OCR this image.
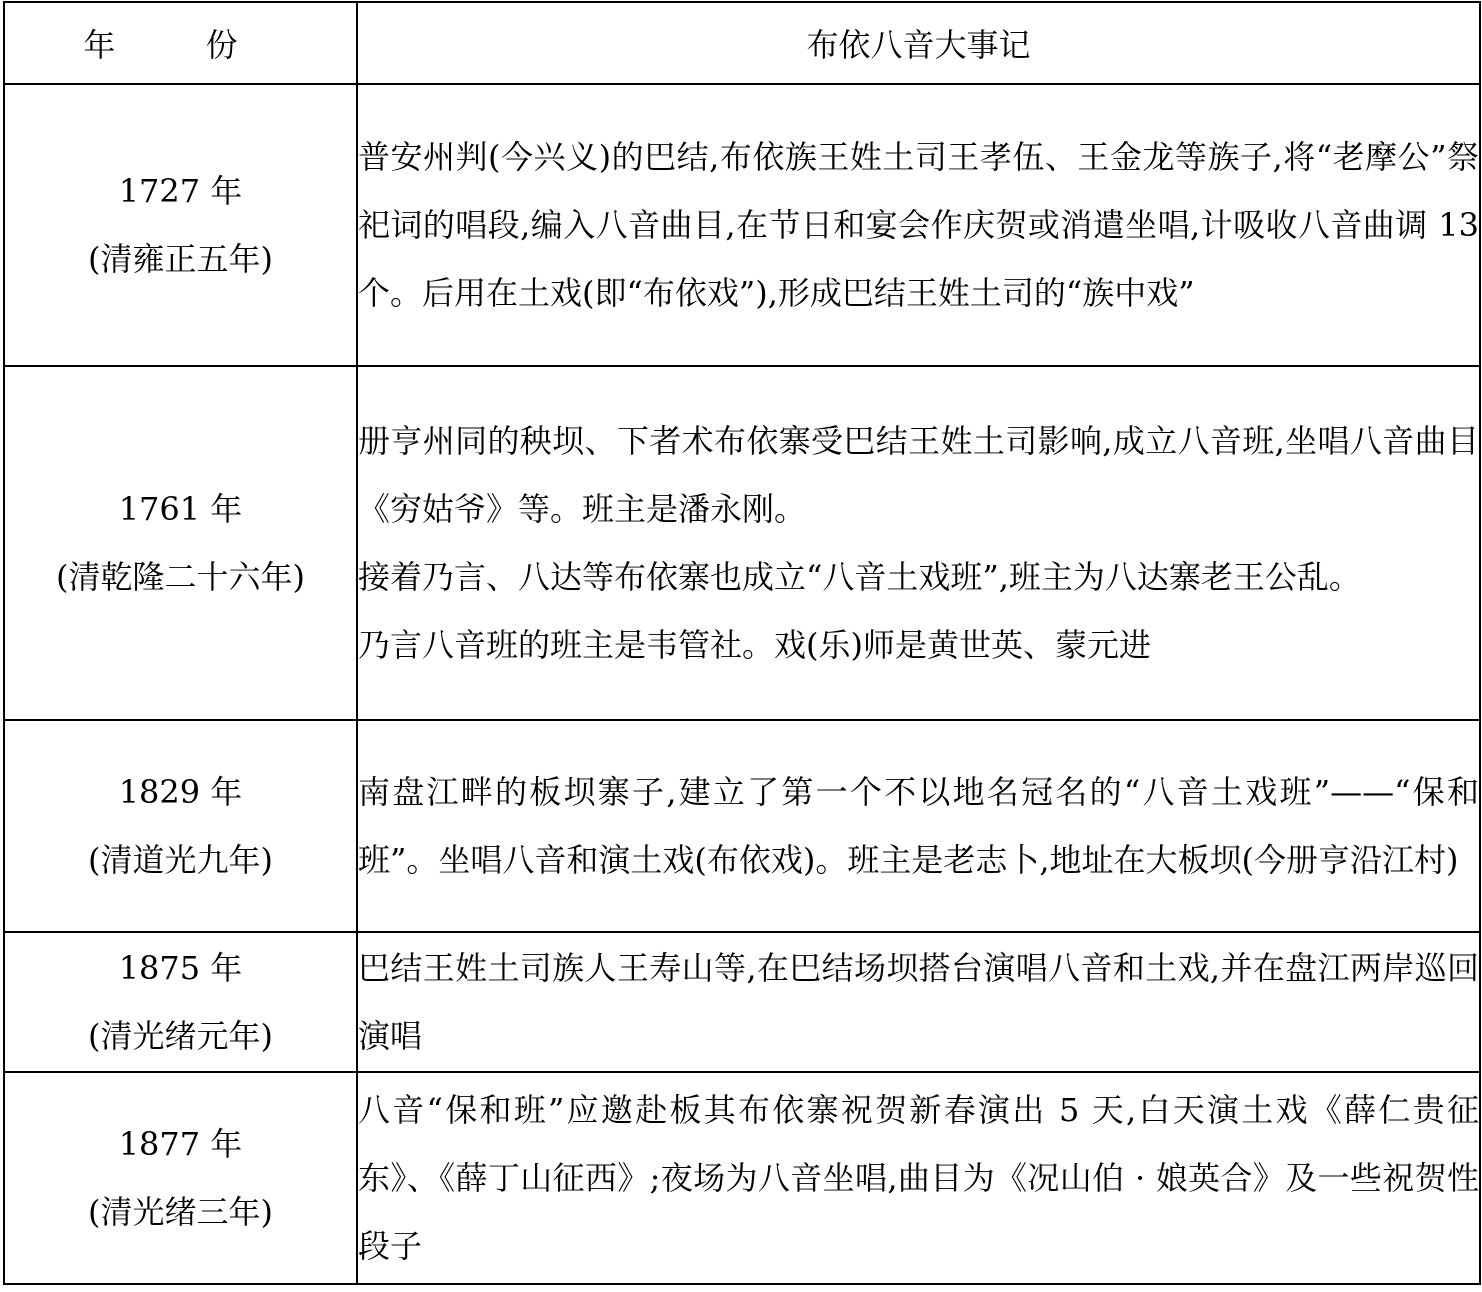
年 份	布依八音大事记

1727 年
(清雍正五年)	普安州判(今兴义)的巴结,布依族王姓土司王孝伍、王金龙等族子,将“老摩公”祭祀词的唱段,编入八音曲目,在节日和宴会作庆贺或消遣坐唱,计吸收八音曲调 13 个。后用在土戏(即“布依戏”),形成巴结王姓土司的“族中戏”

1761 年
(清乾隆二十六年)	册亨州同的秧坝、下者术布依寨受巴结王姓土司影响,成立八音班,坐唱八音曲目《穷姑爷》等。班主是潘永刚。
接着乃言、八达等布依寨也成立“八音土戏班”,班主为八达寨老王公乱。
乃言八音班的班主是韦管社。戏(乐)师是黄世英、蒙元进

1829 年
(清道光九年)	南盘江畔的板坝寨子,建立了第一个不以地名冠名的“八音土戏班”——“保和班”。坐唱八音和演土戏(布依戏)。班主是老志卜,地址在大板坝(今册亨沿江村)

1875 年
(清光绪元年)	巴结王姓土司族人王寿山等,在巴结场坝搭台演唱八音和土戏,并在盘江两岸巡回演唱

1877 年
(清光绪三年)	八音“保和班”应邀赴板其布依寨祝贺新春演出 5 天,白天演土戏《薛仁贵征东》、《薛丁山征西》;夜场为八音坐唱,曲目为《况山伯 · 娘英合》及一些祝贺性段子
